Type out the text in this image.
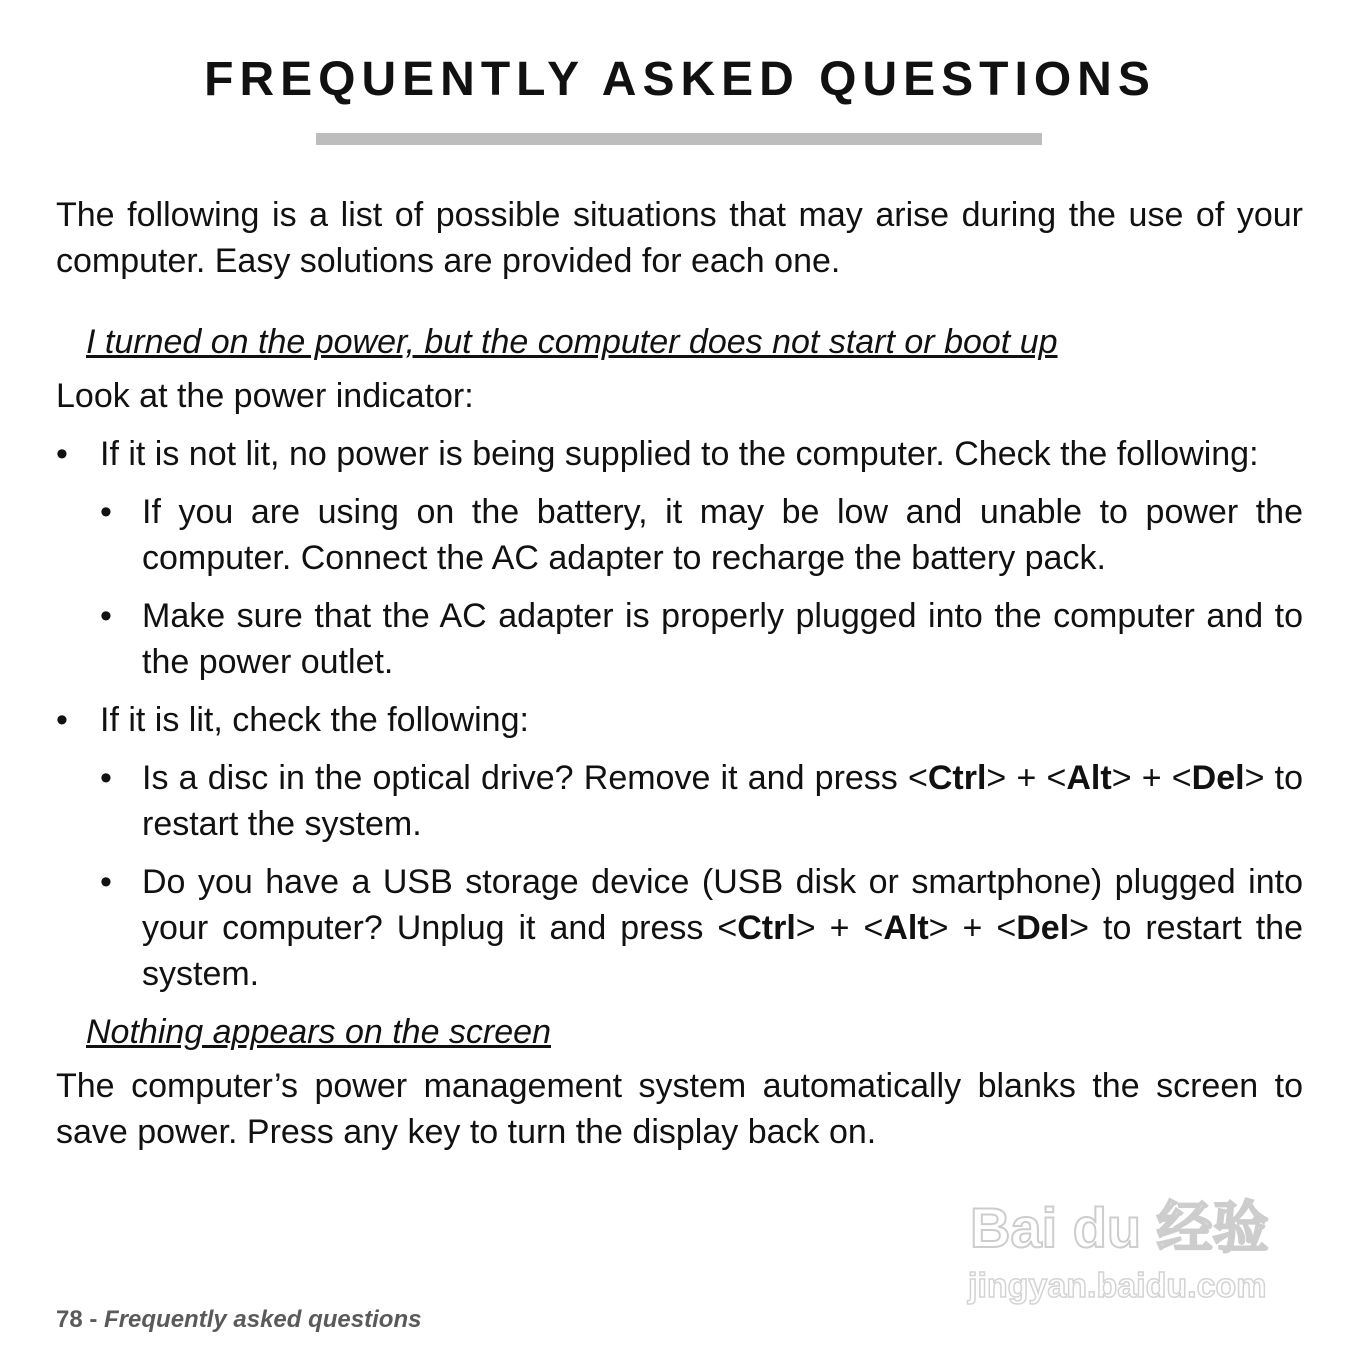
FREQUENTLY ASKED QUESTIONS

The following is a list of possible situations that may arise during the use of your computer. Easy solutions are provided for each one.

I turned on the power, but the computer does not start or boot up

Look at the power indicator:

• If it is not lit, no power is being supplied to the computer. Check the following:
• If you are using on the battery, it may be low and unable to power the computer. Connect the AC adapter to recharge the battery pack.
• Make sure that the AC adapter is properly plugged into the computer and to the power outlet.
• If it is lit, check the following:
• Is a disc in the optical drive? Remove it and press <Ctrl> + <Alt> + <Del> to restart the system.
• Do you have a USB storage device (USB disk or smartphone) plugged into your computer? Unplug it and press <Ctrl> + <Alt> + <Del> to restart the system.

Nothing appears on the screen

The computer’s power management system automatically blanks the screen to save power. Press any key to turn the display back on.

78 - Frequently asked questions
Bai du 经验
jingyan.baidu.com
